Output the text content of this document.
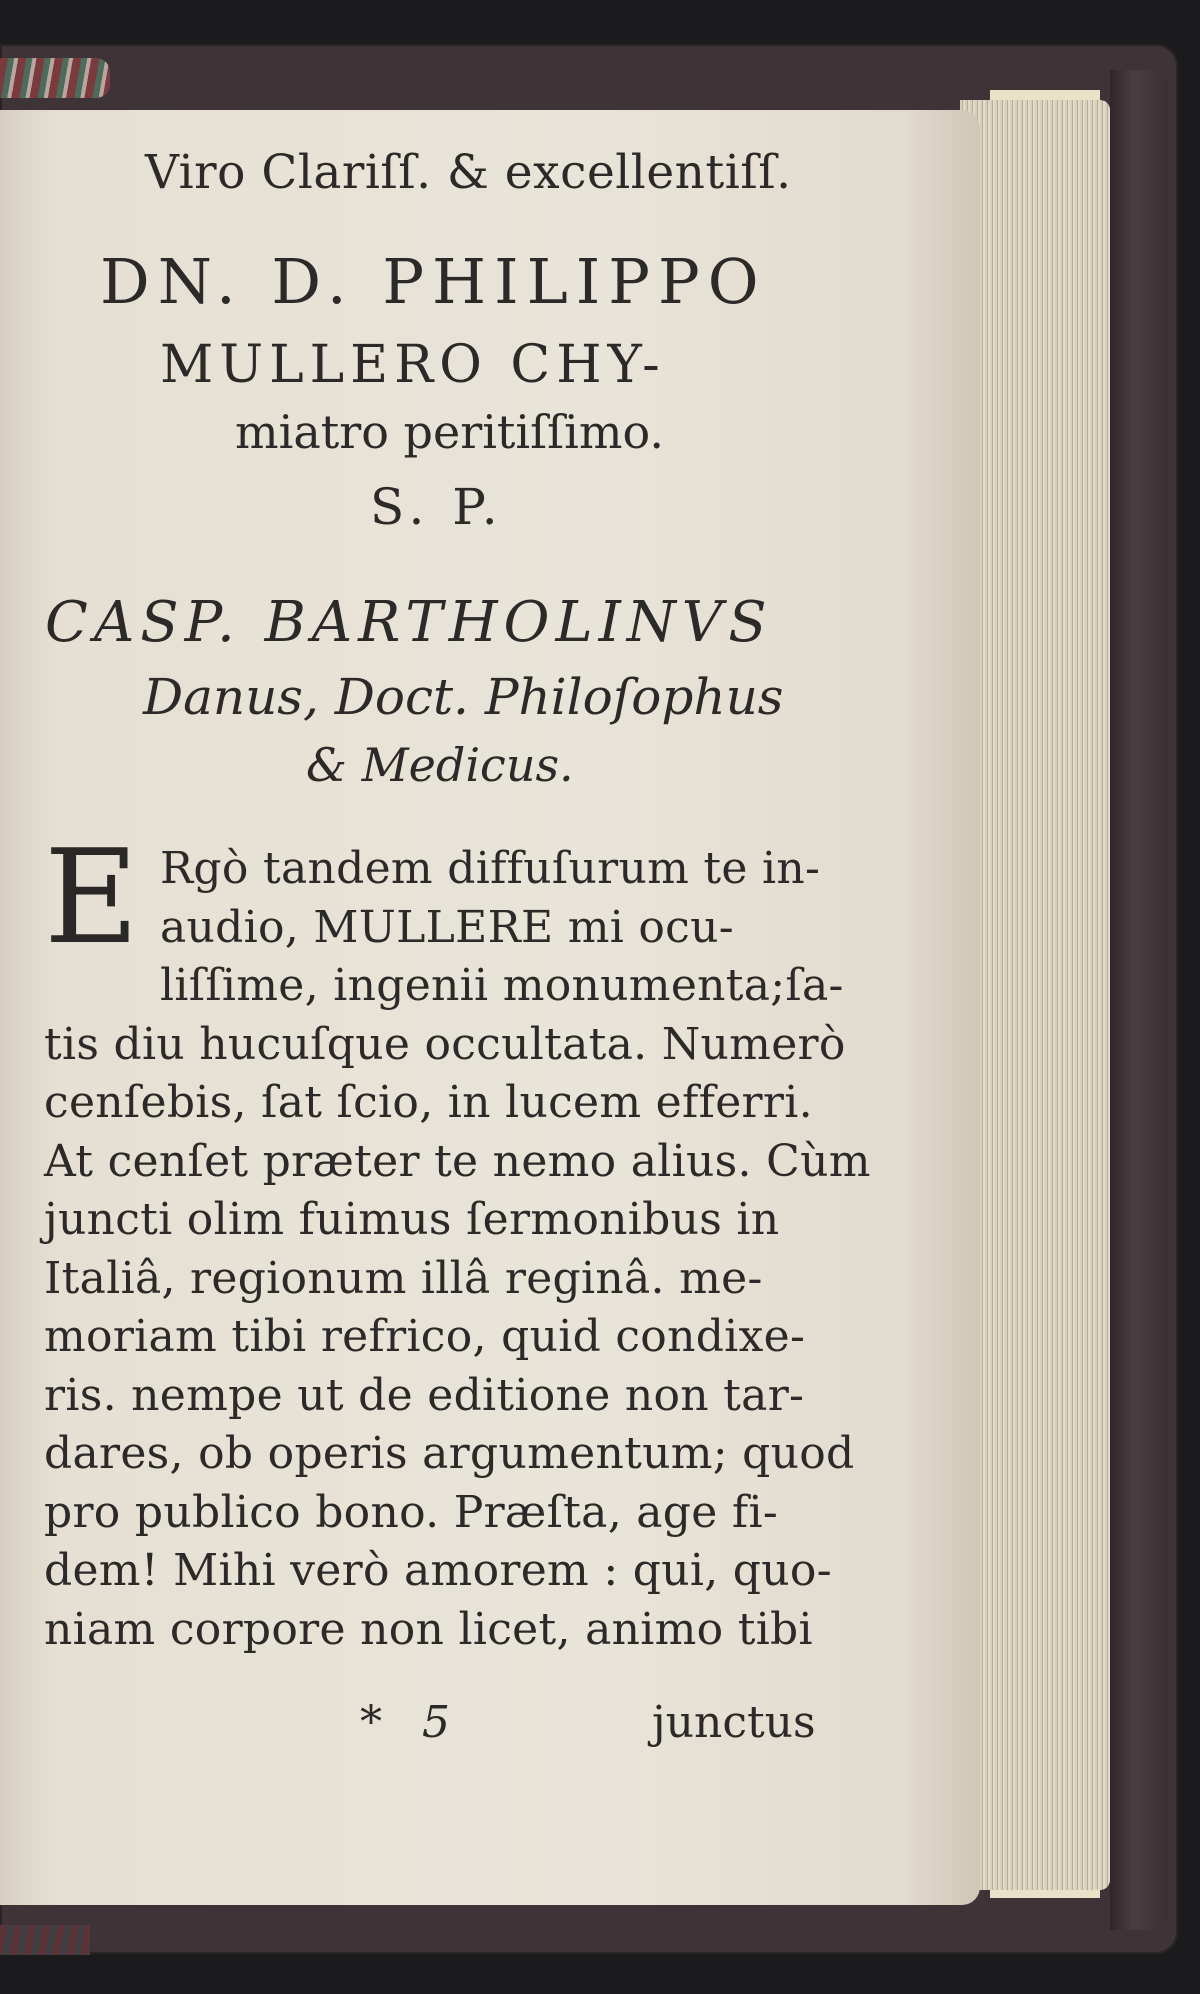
Viro Clariſſ. & excellentiſſ.
DN. D. PHILIPPO
MULLERO CHY-
miatro peritiſſimo.
S. P.
CASP. BARTHOLINVS
Danus, Doct. Philoſophus
& Medicus.
E Rgò tandem diffuſurum te in-
audio, MULLERE mi ocu-
liſſime, ingenii monumenta;ſa-
tis diu hucuſque occultata. Numerò
cenſebis, ſat ſcio, in lucem efferri.
At cenſet præter te nemo alius. Cùm
juncti olim fuimus ſermonibus in
Italiâ, regionum illâ reginâ. me-
moriam tibi refrico, quid condixe-
ris. nempe ut de editione non tar-
dares, ob operis argumentum; quod
pro publico bono. Præſta, age fi-
dem! Mihi verò amorem : qui, quo-
niam corpore non licet, animo tibi
* 5	junctus
